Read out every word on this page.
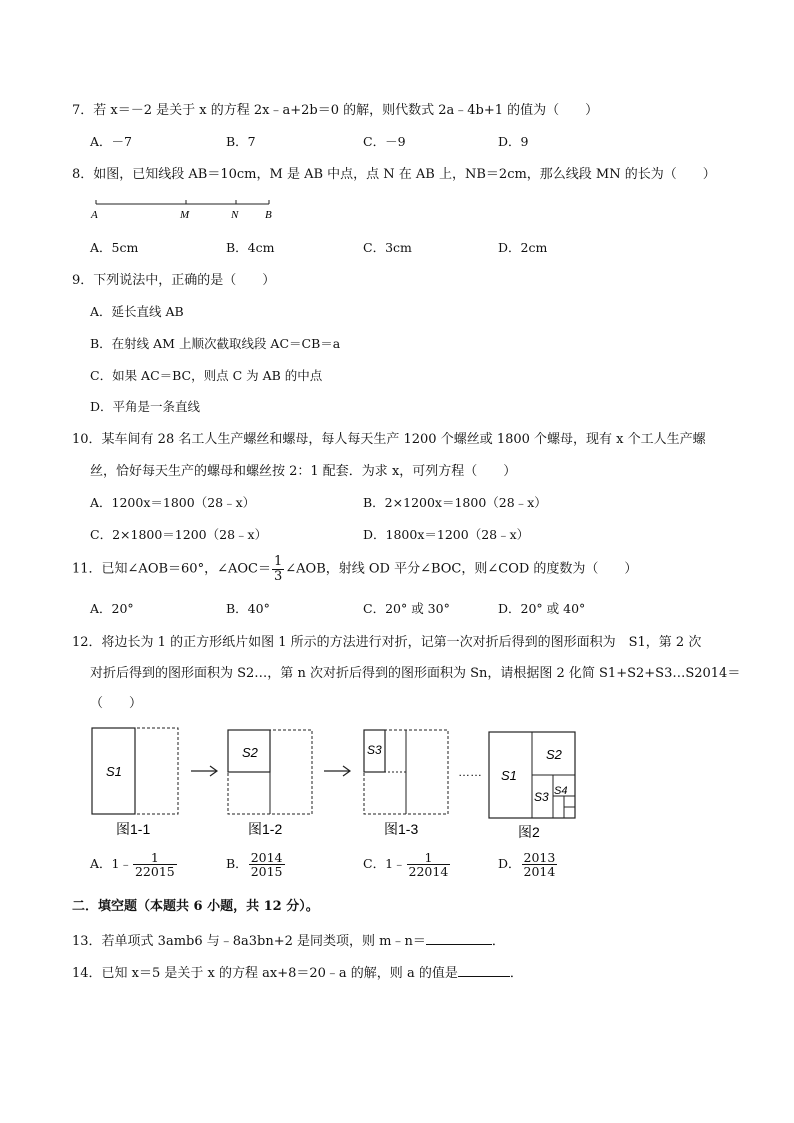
7．若 x＝－2 是关于 x 的方程 2x﹣a+2b＝0 的解，则代数式 2a﹣4b+1 的值为（　　）
A．－7	B．7	C．－9	D．9
8．如图，已知线段 AB＝10cm，M 是 AB 中点，点 N 在 AB 上，NB＝2cm，那么线段 MN 的长为（　　）
A	M	N B
A．5cm	B．4cm	C．3cm	D．2cm
9．下列说法中，正确的是（　　）
A．延长直线 AB
B．在射线 AM 上顺次截取线段 AC＝CB＝a
C．如果 AC＝BC，则点 C 为 AB 的中点
D．平角是一条直线
10．某车间有 28 名工人生产螺丝和螺母，每人每天生产 1200 个螺丝或 1800 个螺母，现有 x 个工人生产螺
丝，恰好每天生产的螺母和螺丝按 2：1 配套．为求 x，可列方程（　　）
A．1200x＝1800（28﹣x）	B．2×1200x＝1800（28﹣x）
C．2×1800＝1200（28﹣x）	D．1800x＝1200（28﹣x）
11．已知∠AOB＝60°，∠AOC＝ $\frac{1}{3}$ ∠AOB，射线 OD 平分∠BOC，则∠COD 的度数为（　　）
A．20°	B．40°	C．20° 或 30°	D．20° 或 40°
12．将边长为 1 的正方形纸片如图 1 所示的方法进行对折，记第一次对折后得到的图形面积为　S1，第 2 次
对折后得到的图形面积为 S2…，第 n 次对折后得到的图形面积为 Sn，请根据图 2 化简 S1+S2+S3…S2014＝
（　　）
S1
图1-1
S2
图1-2
S3
图1-3
…… S1
S2
S3 S4
图2
A．1﹣ $\frac{1}{22015}$	B． $\frac{2014}{2015}$	C．1﹣ $\frac{1}{22014}$	D． $\frac{2013}{2014}$
二．填空题（本题共 6 小题，共 12 分）。
13．若单项式 3amb6 与﹣8a3bn+2 是同类项，则 m﹣n＝	．
14．已知 x＝5 是关于 x 的方程 ax+8＝20﹣a 的解，则 a 的值是	．
